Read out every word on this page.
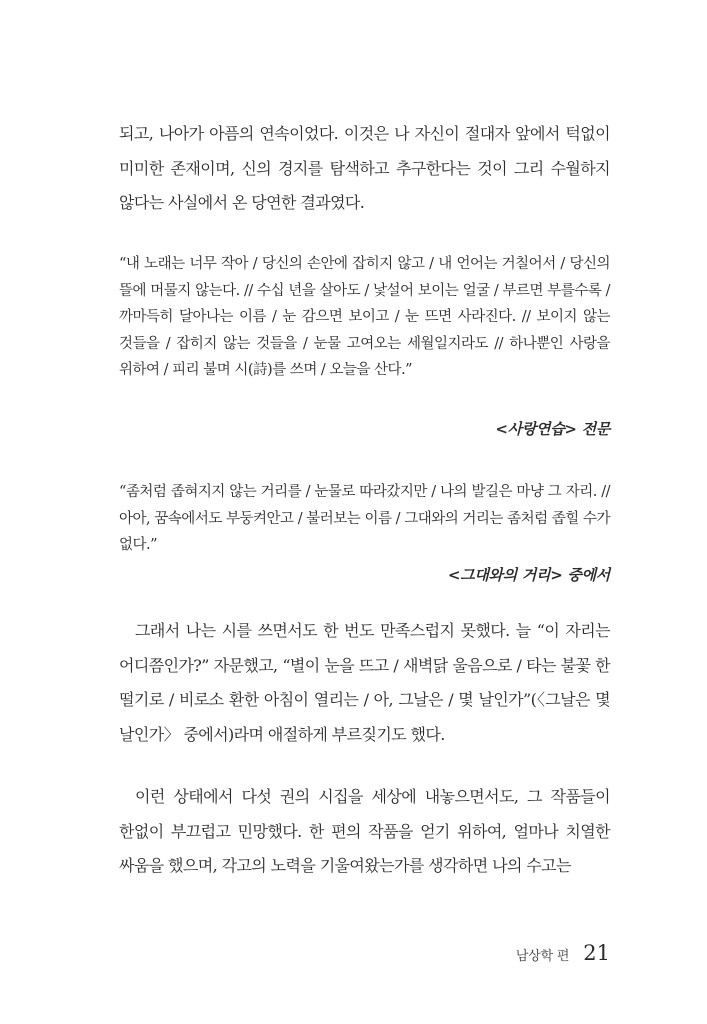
되고, 나아가 아픔의 연속이었다. 이것은 나 자신이 절대자 앞에서 턱없이 미미한 존재이며, 신의 경지를 탐색하고 추구한다는 것이 그리 수월하지 않다는 사실에서 온 당연한 결과였다.

“내 노래는 너무 작아 / 당신의 손안에 잡히지 않고 / 내 언어는 거칠어서 / 당신의 뜰에 머물지 않는다. // 수십 년을 살아도 / 낯설어 보이는 얼굴 / 부르면 부를수록 / 까마득히 달아나는 이름 / 눈 감으면 보이고 / 눈 뜨면 사라진다. // 보이지 않는 것들을 / 잡히지 않는 것들을 / 눈물 고여오는 세월일지라도 // 하나뿐인 사랑을 위하여 / 피리 불며 시(詩)를 쓰며 / 오늘을 산다.”

<사랑연습> 전문

“좀처럼 좁혀지지 않는 거리를 / 눈물로 따라갔지만 / 나의 발길은 마냥 그 자리. // 아아, 꿈속에서도 부둥켜안고 / 불러보는 이름 / 그대와의 거리는 좀처럼 좁힐 수가 없다.”

<그대와의 거리> 중에서

그래서 나는 시를 쓰면서도 한 번도 만족스럽지 못했다. 늘 “이 자리는 어디쯤인가?” 자문했고, “별이 눈을 뜨고 / 새벽닭 울음으로 / 타는 불꽃 한 떨기로 / 비로소 환한 아침이 열리는 / 아, 그날은 / 몇 날인가”(〈그날은 몇 날인가〉 중에서)라며 애절하게 부르짖기도 했다.

이런 상태에서 다섯 권의 시집을 세상에 내놓으면서도, 그 작품들이 한없이 부끄럽고 민망했다. 한 편의 작품을 얻기 위하여, 얼마나 치열한 싸움을 했으며, 각고의 노력을 기울여왔는가를 생각하면 나의 수고는

남상학 편 21
